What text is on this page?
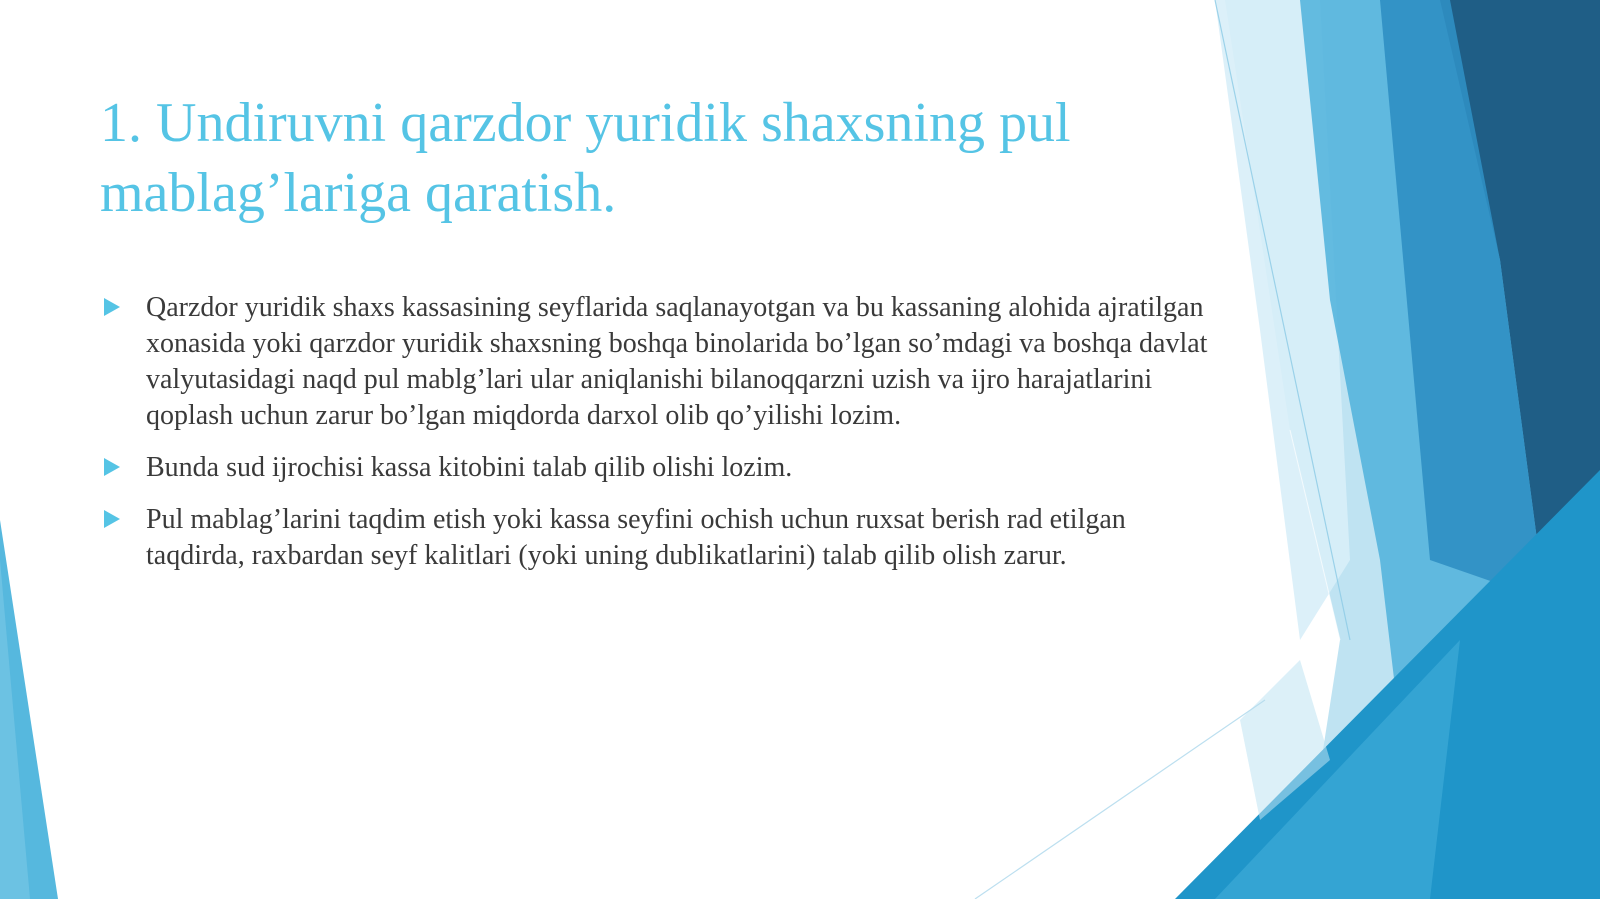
1. Undiruvni qarzdor yuridik shaxsning pul mablag’lariga qaratish.
Qarzdor yuridik shaxs kassasining seyflarida saqlanayotgan va bu kassaning alohida ajratilgan xonasida yoki qarzdor yuridik shaxsning boshqa binolarida bo’lgan so’mdagi va boshqa davlat valyutasidagi naqd pul mablg’lari ular aniqlanishi bilanoqqarzni uzish va ijro harajatlarini qoplash uchun zarur bo’lgan miqdorda darxol olib qo’yilishi lozim.
Bunda sud ijrochisi kassa kitobini talab qilib olishi lozim.
Pul mablag’larini taqdim etish yoki kassa seyfini ochish uchun ruxsat berish rad etilgan taqdirda, raxbardan seyf kalitlari (yoki uning dublikatlarini) talab qilib olish zarur.
